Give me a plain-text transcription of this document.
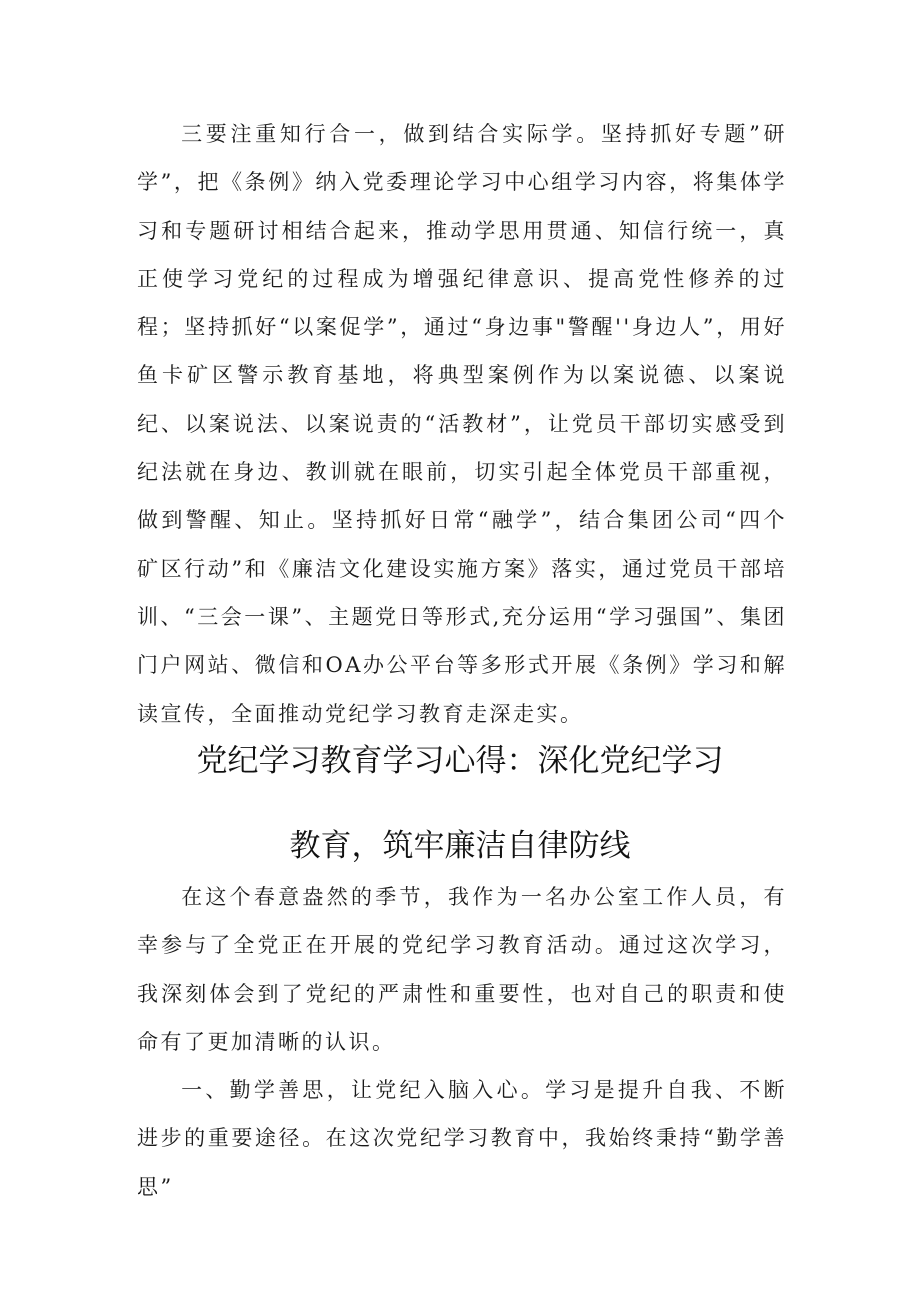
三要注重知行合一，做到结合实际学。坚持抓好专题”研学”，把《条例》纳入党委理论学习中心组学习内容，将集体学习和专题研讨相结合起来，推动学思用贯通、知信行统一，真正使学习党纪的过程成为增强纪律意识、提高党性修养的过程；坚持抓好“以案促学”，通过“身边事"警醒''身边人”，用好鱼卡矿区警示教育基地，将典型案例作为以案说德、以案说纪、以案说法、以案说责的“活教材”，让党员干部切实感受到纪法就在身边、教训就在眼前，切实引起全体党员干部重视，做到警醒、知止。坚持抓好日常“融学”，结合集团公司“四个矿区行动”和《廉洁文化建设实施方案》落实，通过党员干部培训、“三会一课”、主题党日等形式,充分运用“学习强国”、集团门户网站、微信和OA办公平台等多形式开展《条例》学习和解读宣传，全面推动党纪学习教育走深走实。

党纪学习教育学习心得：深化党纪学习
教育，筑牢廉洁自律防线

在这个春意盎然的季节，我作为一名办公室工作人员，有幸参与了全党正在开展的党纪学习教育活动。通过这次学习，我深刻体会到了党纪的严肃性和重要性，也对自己的职责和使命有了更加清晰的认识。

一、勤学善思，让党纪入脑入心。学习是提升自我、不断进步的重要途径。在这次党纪学习教育中，我始终秉持“勤学善思”
